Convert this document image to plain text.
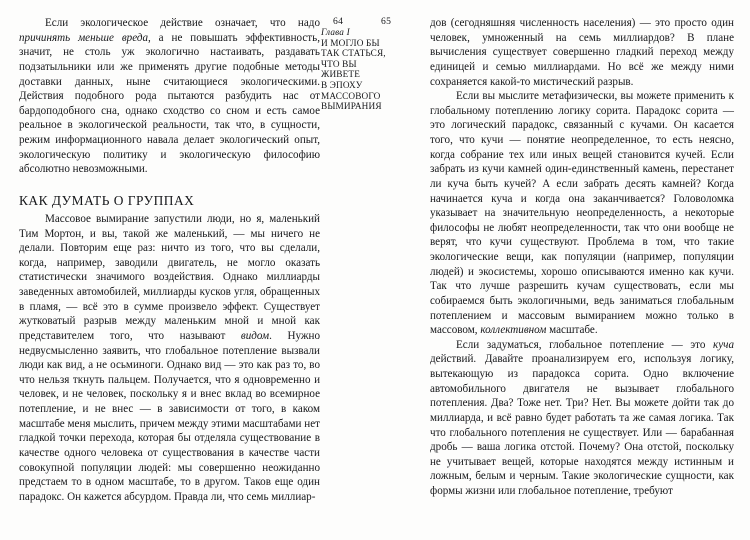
Если экологическое действие означает, что надо причинять меньше вреда, а не повышать эффективность, значит, не столь уж экологично настаивать, раздавать подзатыльники или же применять другие подобные методы доставки данных, ныне считающиеся экологическими. Действия подобного рода пытаются разбудить нас от бардоподобного сна, однако сходство со сном и есть самое реальное в экологической реальности, так что, в сущности, режим информационного навала делает экологический опыт, экологическую политику и экологическую философию абсолютно невозможными.

КАК ДУМАТЬ О ГРУППАХ

Массовое вымирание запустили люди, но я, маленький Тим Мортон, и вы, такой же маленький, — мы ничего не делали. Повторим еще раз: ничто из того, что вы сделали, когда, например, заводили двигатель, не могло оказать статистически значимого воздействия. Однако миллиарды заведенных автомобилей, миллиарды кусков угля, обращенных в пламя, — всё это в сумме произвело эффект. Существует жутковатый разрыв между маленьким мной и мной как представителем того, что называют видом. Нужно недвусмысленно заявить, что глобальное потепление вызвали люди как вид, а не осьминоги. Однако вид — это как раз то, во что нельзя ткнуть пальцем. Получается, что я одновременно и человек, и не человек, поскольку я и внес вклад во всемирное потепление, и не внес — в зависимости от того, в каком масштабе меня мыслить, причем между этими масштабами нет гладкой точки перехода, которая бы отделяла существование в качестве одного человека от существования в качестве части совокупной популяции людей: мы совершенно неожиданно предстаем то в одном масштабе, то в другом. Таков еще один парадокс. Он кажется абсурдом. Правда ли, что семь миллиар-

64	65
Глава I
И МОГЛО БЫ
ТАК СТАТЬСЯ,
ЧТО ВЫ
ЖИВЕТЕ
В ЭПОХУ
МАССОВОГО
ВЫМИРАНИЯ

дов (сегодняшняя численность населения) — это просто один человек, умноженный на семь миллиардов? В плане вычисления существует совершенно гладкий переход между единицей и семью миллиардами. Но всё же между ними сохраняется какой-то мистический разрыв.

Если вы мыслите метафизически, вы можете применить к глобальному потеплению логику сорита. Парадокс сорита — это логический парадокс, связанный с кучами. Он касается того, что кучи — понятие неопределенное, то есть неясно, когда собрание тех или иных вещей становится кучей. Если забрать из кучи камней один-единственный камень, перестанет ли куча быть кучей? А если забрать десять камней? Когда начинается куча и когда она заканчивается? Головоломка указывает на значительную неопределенность, а некоторые философы не любят неопределенности, так что они вообще не верят, что кучи существуют. Проблема в том, что такие экологические вещи, как популяции (например, популяции людей) и экосистемы, хорошо описываются именно как кучи. Так что лучше разрешить кучам существовать, если мы собираемся быть экологичными, ведь заниматься глобальным потеплением и массовым вымиранием можно только в массовом, коллективном масштабе.

Если задуматься, глобальное потепление — это куча действий. Давайте проанализируем его, используя логику, вытекающую из парадокса сорита. Одно включение автомобильного двигателя не вызывает глобального потепления. Два? Тоже нет. Три? Нет. Вы можете дойти так до миллиарда, и всё равно будет работать та же самая логика. Так что глобального потепления не существует. Или — барабанная дробь — ваша логика отстой. Почему? Она отстой, поскольку не учитывает вещей, которые находятся между истинным и ложным, белым и черным. Такие экологические сущности, как формы жизни или глобальное потепление, требуют
